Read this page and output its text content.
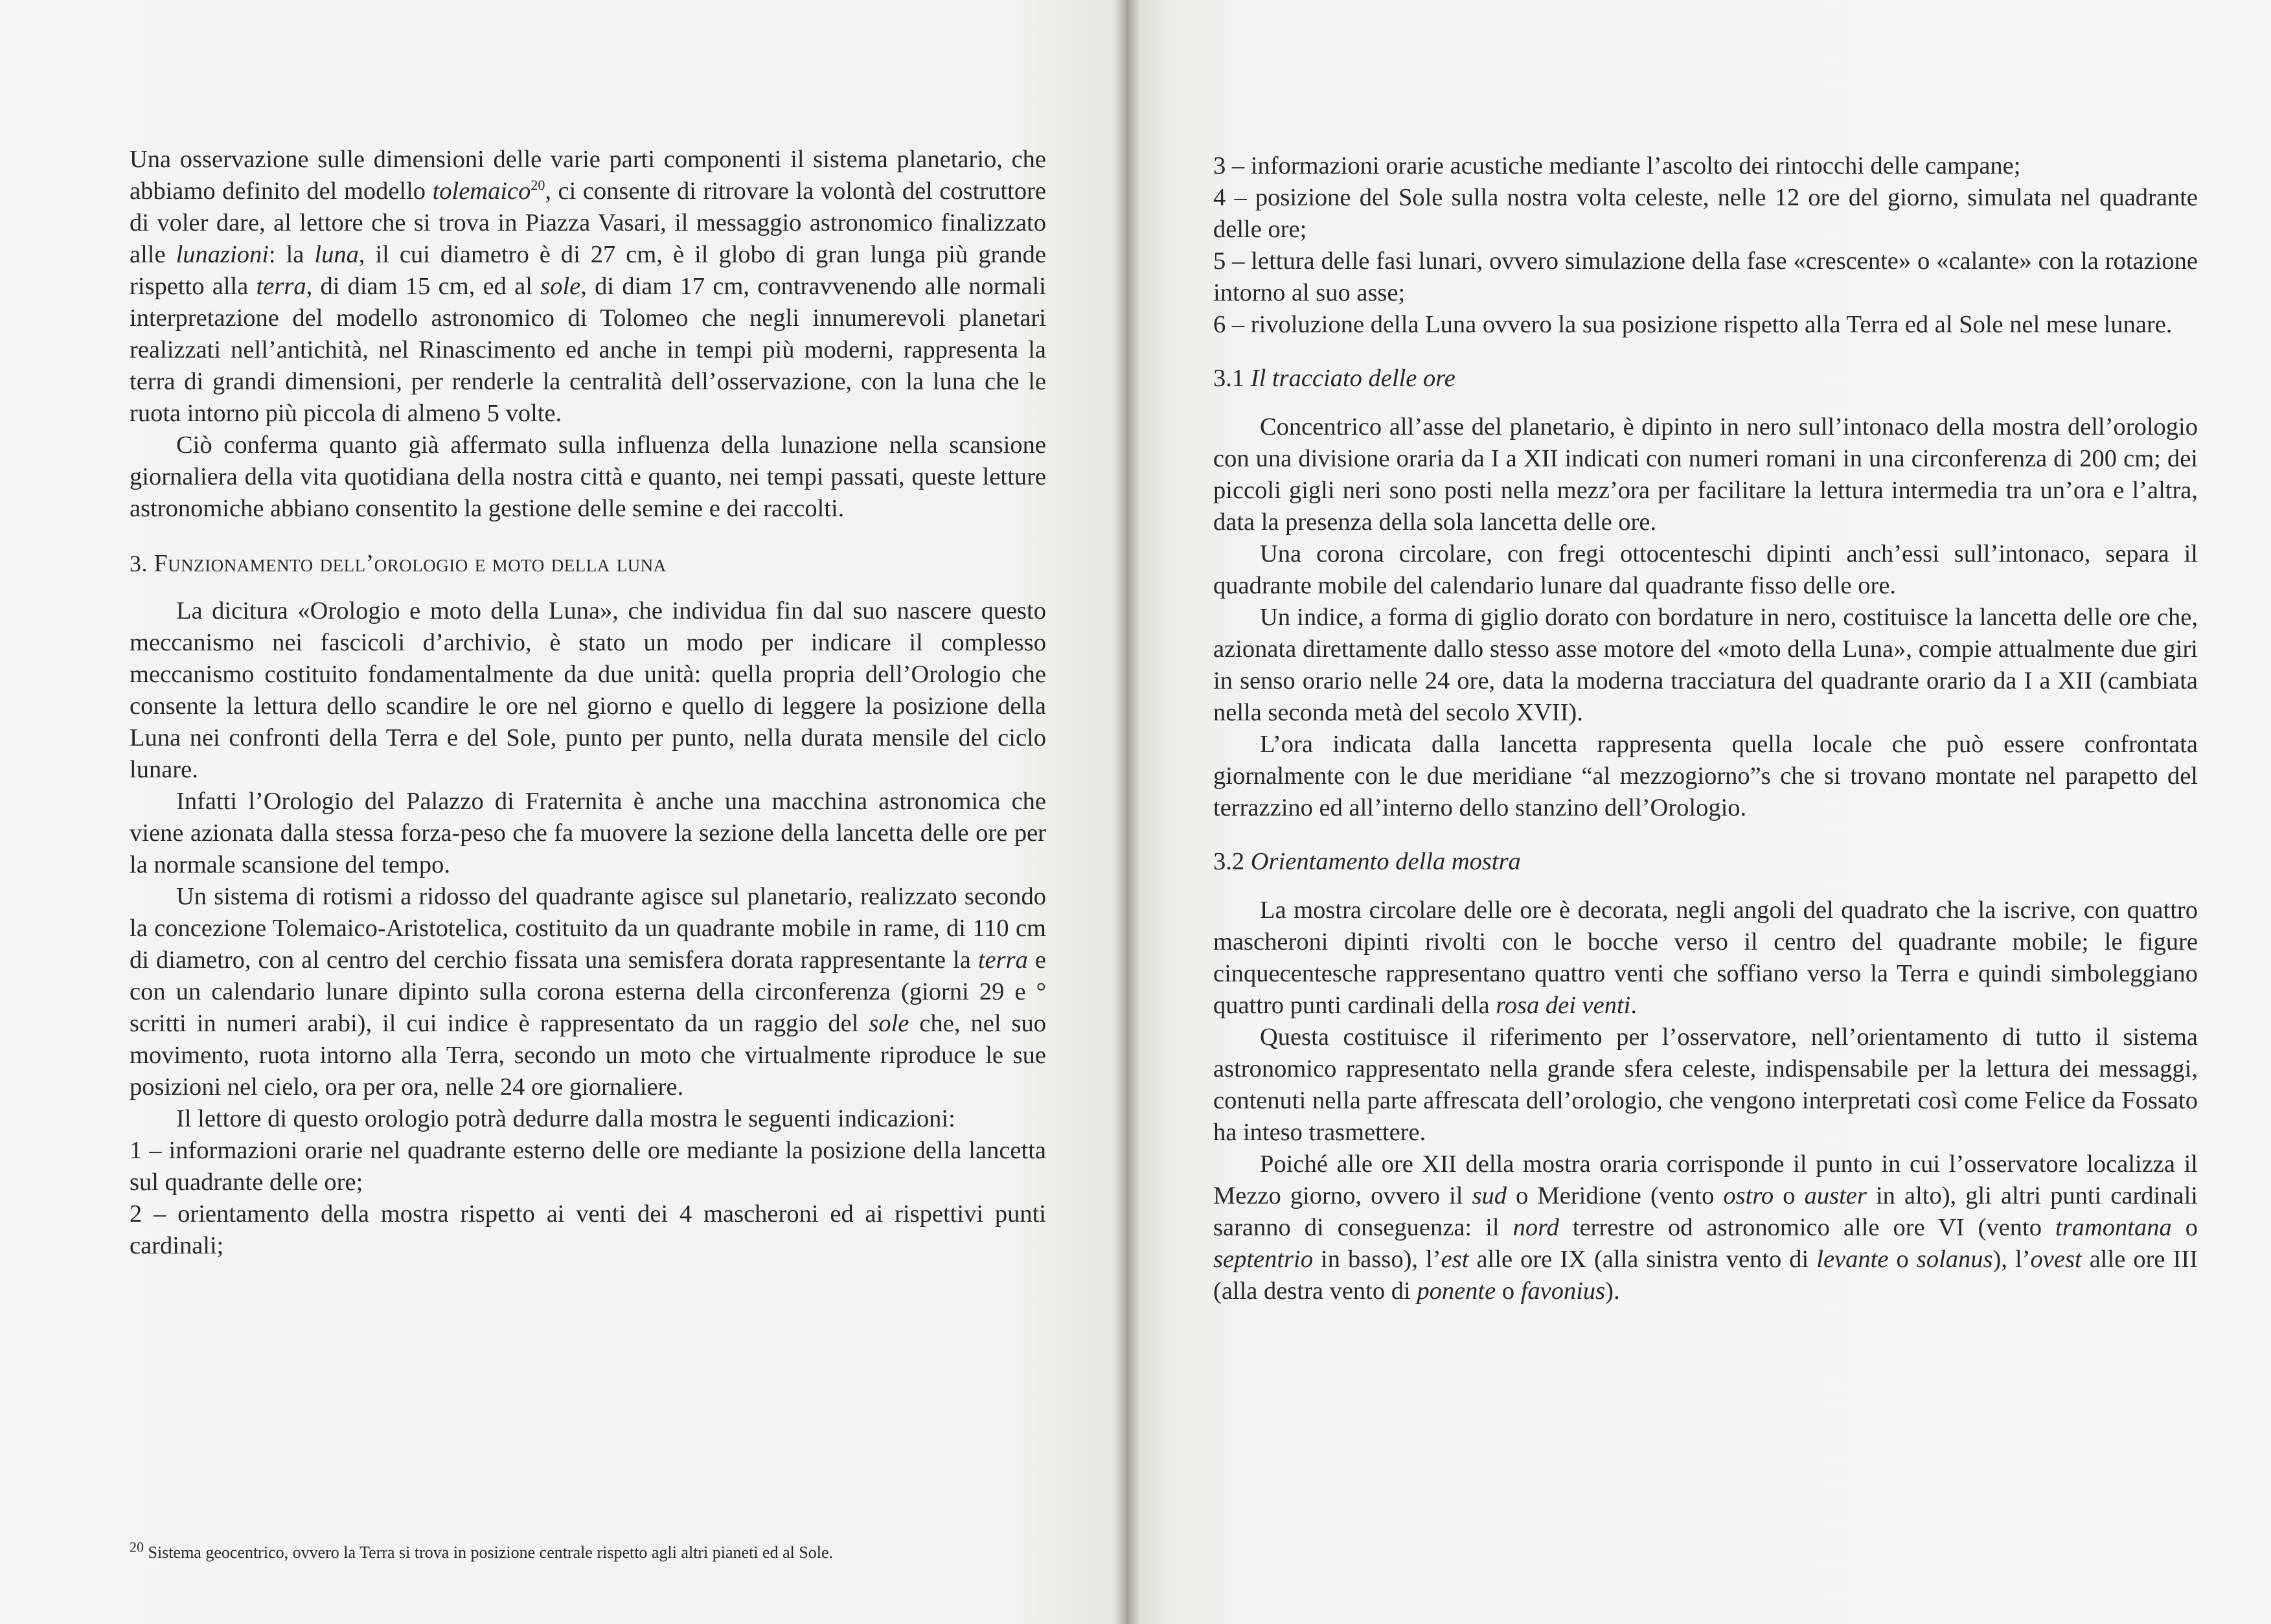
Una osservazione sulle dimensioni delle varie parti componenti il sistema planetario, che abbiamo definito del modello tolemaico$^{20}$, ci consente di ritrovare la volontà del costruttore di voler dare, al lettore che si trova in Piazza Vasari, il messaggio astronomico finalizzato alle lunazioni: la luna, il cui diametro è di 27 cm, è il globo di gran lunga più grande rispetto alla terra, di diam 15 cm, ed al sole, di diam 17 cm, contravvenendo alle normali interpretazione del modello astronomico di Tolomeo che negli innumerevoli planetari realizzati nell’antichità, nel Rinascimento ed anche in tempi più moderni, rappresenta la terra di grandi dimensioni, per renderle la centralità dell’osservazione, con la luna che le ruota intorno più piccola di almeno 5 volte.

Ciò conferma quanto già affermato sulla influenza della lunazione nella scansione giornaliera della vita quotidiana della nostra città e quanto, nei tempi passati, queste letture astronomiche abbiano consentito la gestione delle semine e dei raccolti.

3. Funzionamento dell’orologio e moto della luna

La dicitura «Orologio e moto della Luna», che individua fin dal suo nascere questo meccanismo nei fascicoli d’archivio, è stato un modo per indicare il complesso meccanismo costituito fondamentalmente da due unità: quella propria dell’Orologio che consente la lettura dello scandire le ore nel giorno e quello di leggere la posizione della Luna nei confronti della Terra e del Sole, punto per punto, nella durata mensile del ciclo lunare.

Infatti l’Orologio del Palazzo di Fraternita è anche una macchina astronomica che viene azionata dalla stessa forza-peso che fa muovere la sezione della lancetta delle ore per la normale scansione del tempo.

Un sistema di rotismi a ridosso del quadrante agisce sul planetario, realizzato secondo la concezione Tolemaico-Aristotelica, costituito da un quadrante mobile in rame, di 110 cm di diametro, con al centro del cerchio fissata una semisfera dorata rappresentante la terra e con un calendario lunare dipinto sulla corona esterna della circonferenza (giorni 29 e ° scritti in numeri arabi), il cui indice è rappresentato da un raggio del sole che, nel suo movimento, ruota intorno alla Terra, secondo un moto che virtualmente riproduce le sue posizioni nel cielo, ora per ora, nelle 24 ore giornaliere.

Il lettore di questo orologio potrà dedurre dalla mostra le seguenti indicazioni:

1 – informazioni orarie nel quadrante esterno delle ore mediante la posizione della lancetta sul quadrante delle ore;

2 – orientamento della mostra rispetto ai venti dei 4 mascheroni ed ai rispettivi punti cardinali;

$^{20}$ Sistema geocentrico, ovvero la Terra si trova in posizione centrale rispetto agli altri pianeti ed al Sole.

3 – informazioni orarie acustiche mediante l’ascolto dei rintocchi delle campane;

4 – posizione del Sole sulla nostra volta celeste, nelle 12 ore del giorno, simulata nel quadrante delle ore;

5 – lettura delle fasi lunari, ovvero simulazione della fase «crescente» o «calante» con la rotazione intorno al suo asse;

6 – rivoluzione della Luna ovvero la sua posizione rispetto alla Terra ed al Sole nel mese lunare.

3.1 Il tracciato delle ore

Concentrico all’asse del planetario, è dipinto in nero sull’intonaco della mostra dell’orologio con una divisione oraria da I a XII indicati con numeri romani in una circonferenza di 200 cm; dei piccoli gigli neri sono posti nella mezz’ora per facilitare la lettura intermedia tra un’ora e l’altra, data la presenza della sola lancetta delle ore.

Una corona circolare, con fregi ottocenteschi dipinti anch’essi sull’intonaco, separa il quadrante mobile del calendario lunare dal quadrante fisso delle ore.

Un indice, a forma di giglio dorato con bordature in nero, costituisce la lancetta delle ore che, azionata direttamente dallo stesso asse motore del «moto della Luna», compie attualmente due giri in senso orario nelle 24 ore, data la moderna tracciatura del quadrante orario da I a XII (cambiata nella seconda metà del secolo XVII).

L’ora indicata dalla lancetta rappresenta quella locale che può essere confrontata giornalmente con le due meridiane “al mezzogiorno”s che si trovano montate nel parapetto del terrazzino ed all’interno dello stanzino dell’Orologio.

3.2 Orientamento della mostra

La mostra circolare delle ore è decorata, negli angoli del quadrato che la iscrive, con quattro mascheroni dipinti rivolti con le bocche verso il centro del quadrante mobile; le figure cinquecentesche rappresentano quattro venti che soffiano verso la Terra e quindi simboleggiano quattro punti cardinali della rosa dei venti.

Questa costituisce il riferimento per l’osservatore, nell’orientamento di tutto il sistema astronomico rappresentato nella grande sfera celeste, indispensabile per la lettura dei messaggi, contenuti nella parte affrescata dell’orologio, che vengono interpretati così come Felice da Fossato ha inteso trasmettere.

Poiché alle ore XII della mostra oraria corrisponde il punto in cui l’osservatore localizza il Mezzo giorno, ovvero il sud o Meridione (vento ostro o auster in alto), gli altri punti cardinali saranno di conseguenza: il nord terrestre od astronomico alle ore VI (vento tramontana o septentrio in basso), l’est alle ore IX (alla sinistra vento di levante o solanus), l’ovest alle ore III (alla destra vento di ponente o favonius).
